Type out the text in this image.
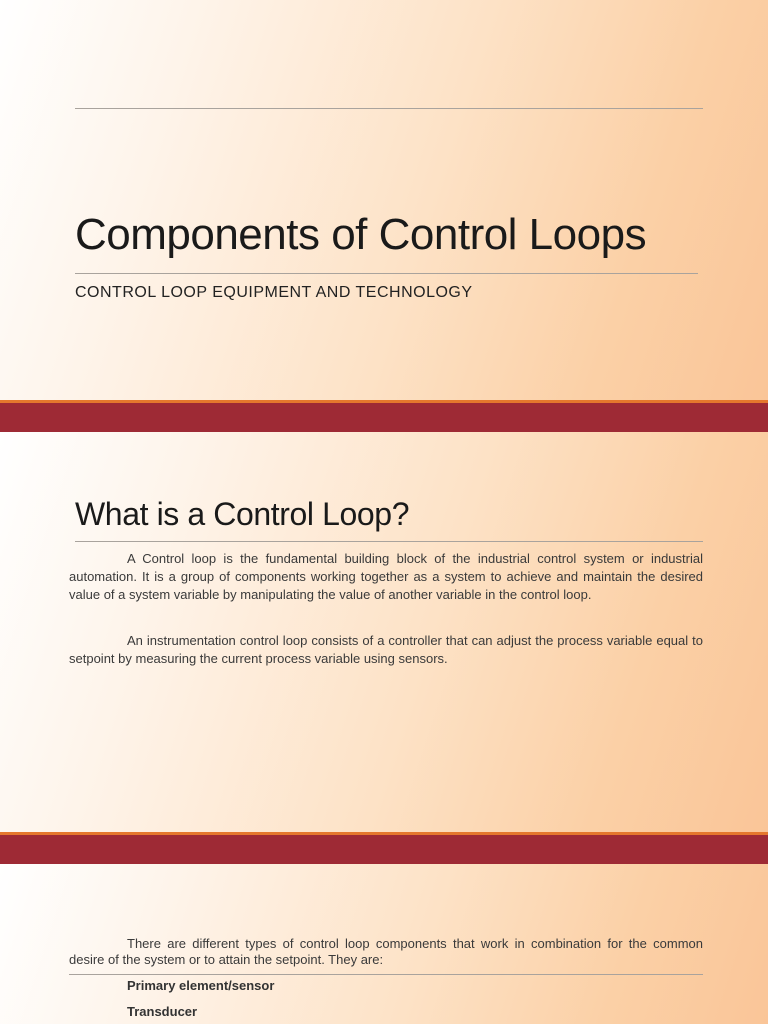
Components of Control Loops
CONTROL LOOP EQUIPMENT AND TECHNOLOGY
What is a Control Loop?

A Control loop is the fundamental building block of the industrial control system or industrial automation. It is a group of components working together as a system to achieve and maintain the desired value of a system variable by manipulating the value of another variable in the control loop.

An instrumentation control loop consists of a controller that can adjust the process variable equal to setpoint by measuring the current process variable using sensors.

There are different types of control loop components that work in combination for the common desire of the system or to attain the setpoint. They are:

Primary element/sensor
Transducer
